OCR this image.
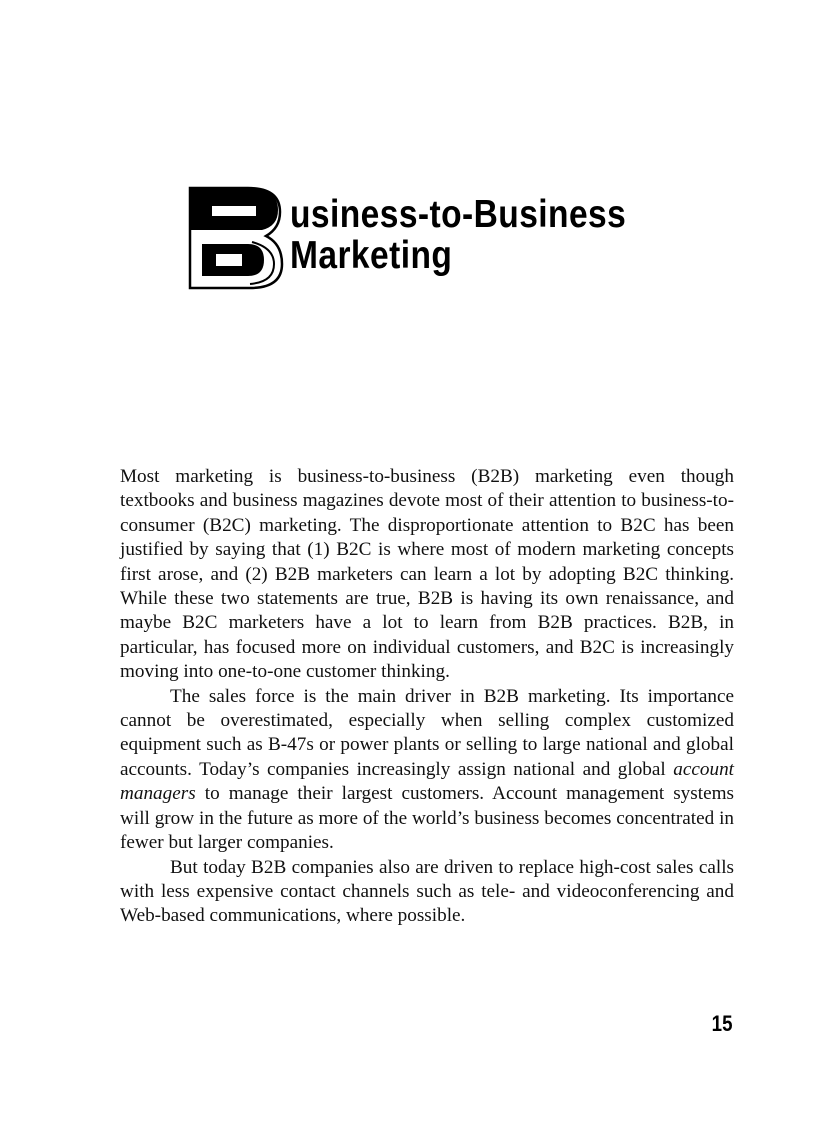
usiness-to-Business
Marketing

Most marketing is business-to-business (B2B) marketing even though textbooks and business magazines devote most of their attention to business-to-consumer (B2C) marketing. The disproportionate attention to B2C has been justified by saying that (1) B2C is where most of modern marketing concepts first arose, and (2) B2B marketers can learn a lot by adopting B2C thinking. While these two statements are true, B2B is having its own renaissance, and maybe B2C marketers have a lot to learn from B2B practices. B2B, in particular, has focused more on individual customers, and B2C is increasingly moving into one-to-one customer thinking.

The sales force is the main driver in B2B marketing. Its importance cannot be overestimated, especially when selling complex customized equipment such as B-47s or power plants or selling to large national and global accounts. Today’s companies increasingly assign national and global account managers to manage their largest customers. Account management systems will grow in the future as more of the world’s business becomes concentrated in fewer but larger companies.

But today B2B companies also are driven to replace high-cost sales calls with less expensive contact channels such as tele- and videoconferencing and Web-based communications, where possible.

15
